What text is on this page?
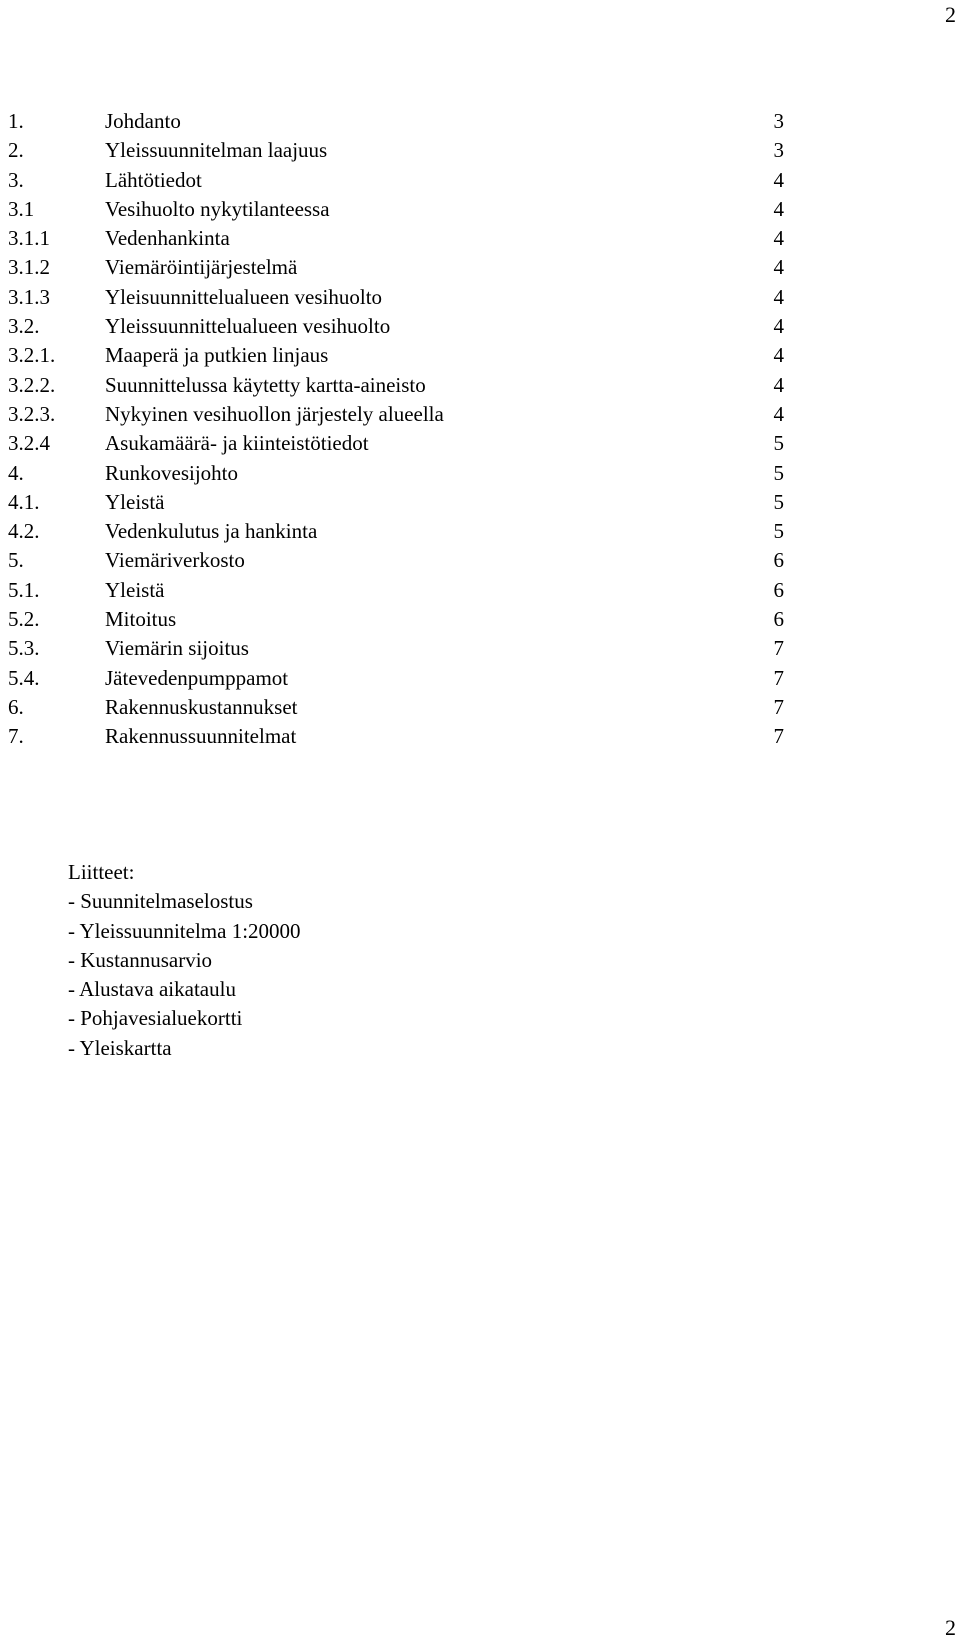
2
1.	Johdanto	3
2.	Yleissuunnitelman laajuus	3
3.	Lähtötiedot	4
3.1	Vesihuolto nykytilanteessa	4
3.1.1	Vedenhankinta	4
3.1.2	Viemäröintijärjestelmä	4
3.1.3	Yleisuunnittelualueen vesihuolto	4
3.2.	Yleissuunnittelualueen vesihuolto	4
3.2.1. Maaperä ja putkien linjaus	4
3.2.2. Suunnittelussa käytetty kartta-aineisto	4
3.2.3. Nykyinen vesihuollon järjestely alueella	4
3.2.4	Asukamäärä- ja kiinteistötiedot	5
4.	Runkovesijohto	5
4.1.	Yleistä	5
4.2.	Vedenkulutus ja hankinta	5
5.	Viemäriverkosto	6
5.1.	Yleistä	6
5.2.	Mitoitus	6
5.3.	Viemärin sijoitus	7
5.4.	Jätevedenpumppamot	7
6.	Rakennuskustannukset	7
7.	Rakennussuunnitelmat	7
Liitteet:
- Suunnitelmaselostus
- Yleissuunnitelma 1:20000
- Kustannusarvio
- Alustava aikataulu
- Pohjavesialuekortti
- Yleiskartta
2
